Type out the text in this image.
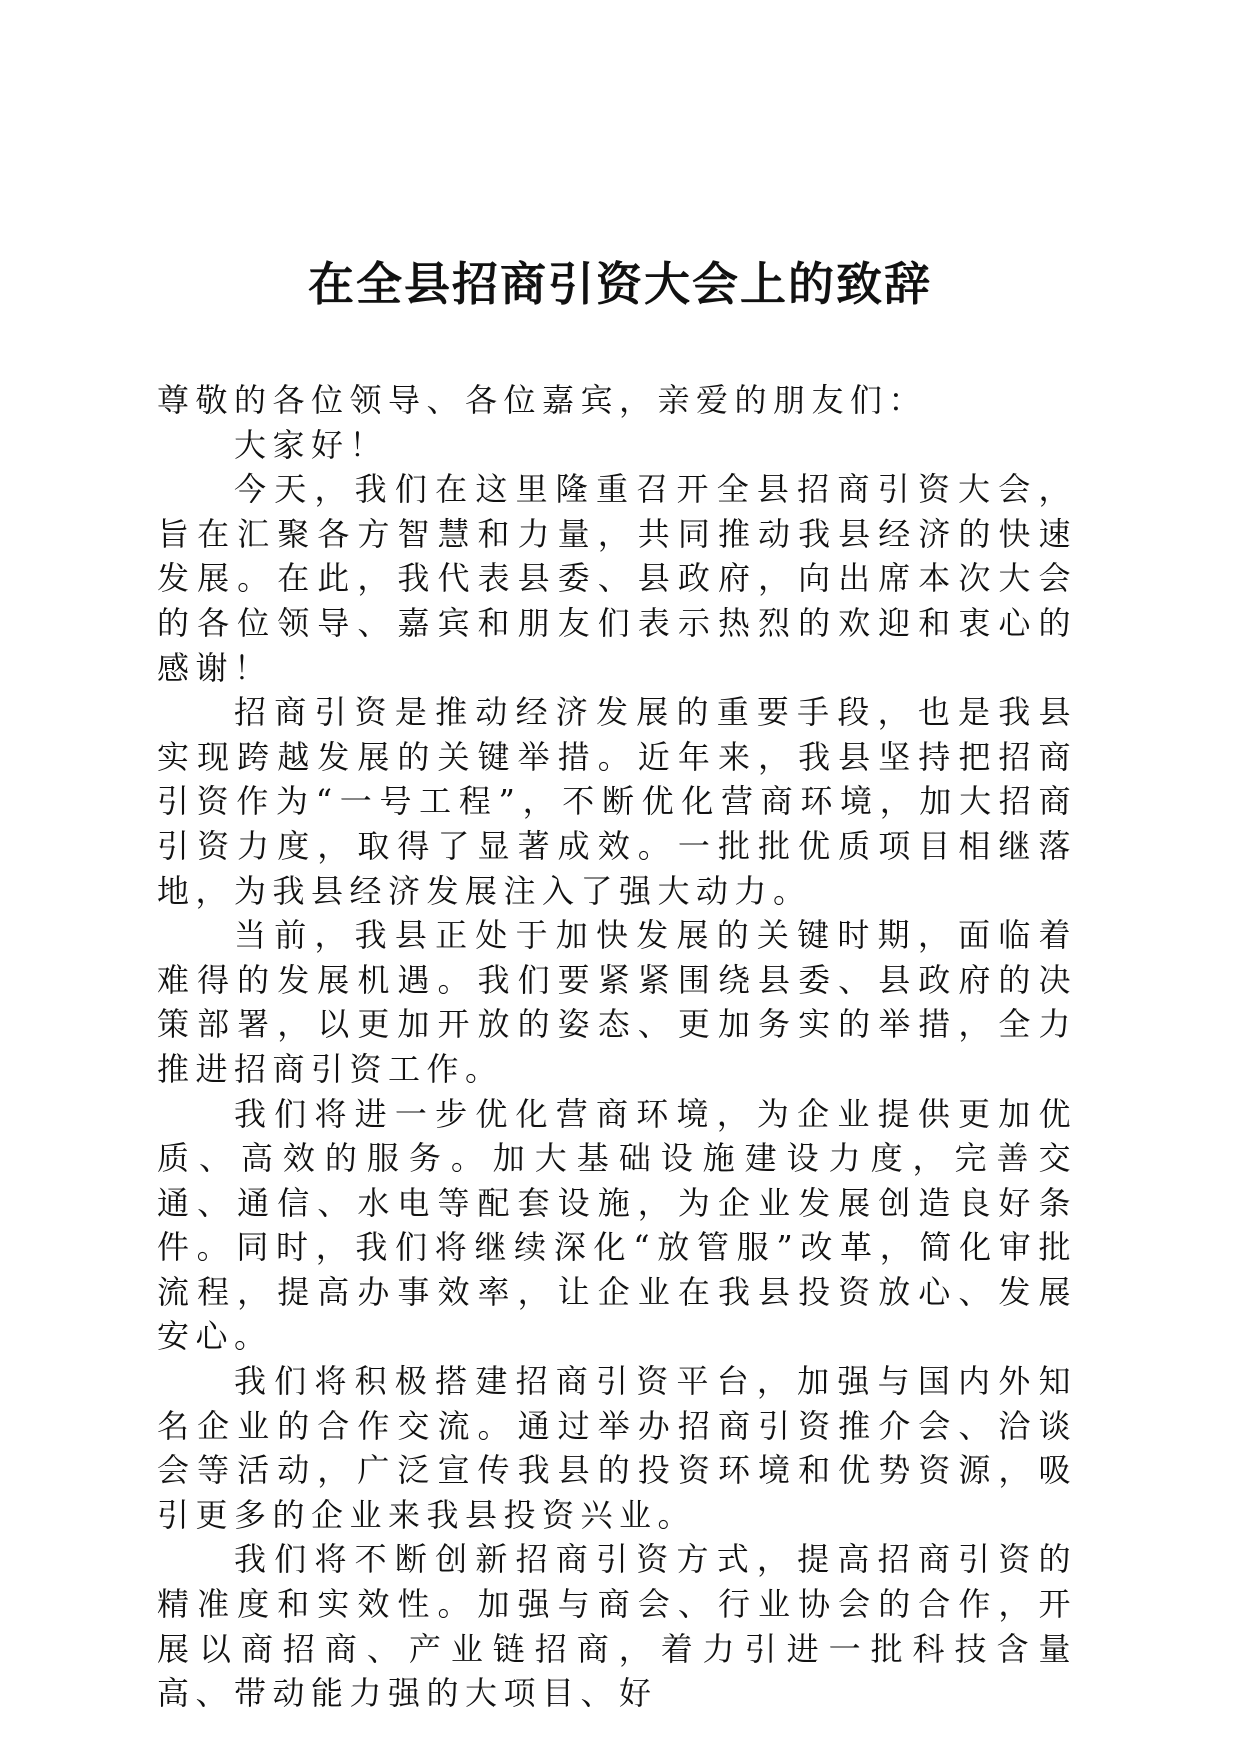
在全县招商引资大会上的致辞

尊敬的各位领导、各位嘉宾，亲爱的朋友们：

大家好！

今天，我们在这里隆重召开全县招商引资大会，旨在汇聚各方智慧和力量，共同推动我县经济的快速发展。在此，我代表县委、县政府，向出席本次大会的各位领导、嘉宾和朋友们表示热烈的欢迎和衷心的感谢！

招商引资是推动经济发展的重要手段，也是我县实现跨越发展的关键举措。近年来，我县坚持把招商引资作为“一号工程”，不断优化营商环境，加大招商引资力度，取得了显著成效。一批批优质项目相继落地，为我县经济发展注入了强大动力。

当前，我县正处于加快发展的关键时期，面临着难得的发展机遇。我们要紧紧围绕县委、县政府的决策部署，以更加开放的姿态、更加务实的举措，全力推进招商引资工作。

我们将进一步优化营商环境，为企业提供更加优质、高效的服务。加大基础设施建设力度，完善交通、通信、水电等配套设施，为企业发展创造良好条件。同时，我们将继续深化“放管服”改革，简化审批流程，提高办事效率，让企业在我县投资放心、发展安心。

我们将积极搭建招商引资平台，加强与国内外知名企业的合作交流。通过举办招商引资推介会、洽谈会等活动，广泛宣传我县的投资环境和优势资源，吸引更多的企业来我县投资兴业。

我们将不断创新招商引资方式，提高招商引资的精准度和实效性。加强与商会、行业协会的合作，开展以商招商、产业链招商，着力引进一批科技含量高、带动能力强的大项目、好
